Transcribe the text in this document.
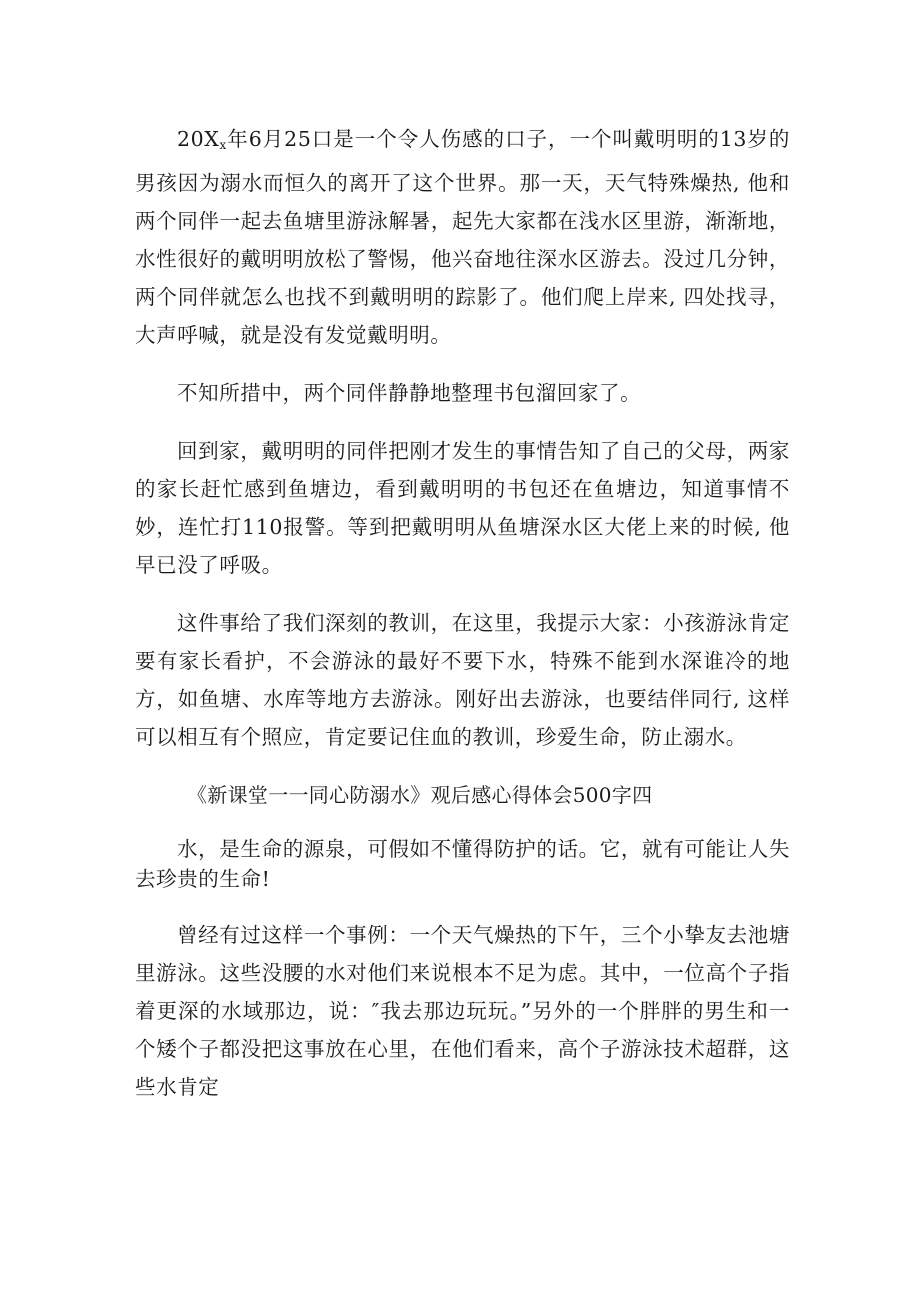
$20X_x$年6月25口是一个令人伤感的口子，一个叫戴明明的13岁的男孩因为溺水而恒久的离开了这个世界。那一天，天气特殊燥热, 他和两个同伴一起去鱼塘里游泳解暑，起先大家都在浅水区里游，渐渐地，水性很好的戴明明放松了警惕，他兴奋地往深水区游去。没过几分钟，两个同伴就怎么也找不到戴明明的踪影了。他们爬上岸来, 四处找寻，大声呼喊，就是没有发觉戴明明。

不知所措中，两个同伴静静地整理书包溜回家了。

回到家，戴明明的同伴把刚才发生的事情告知了自己的父母，两家的家长赶忙感到鱼塘边，看到戴明明的书包还在鱼塘边，知道事情不妙，连忙打110报警。等到把戴明明从鱼塘深水区大佬上来的时候, 他早已没了呼吸。

这件事给了我们深刻的教训，在这里，我提示大家：小孩游泳肯定要有家长看护，不会游泳的最好不要下水，特殊不能到水深谁冷的地方，如鱼塘、水库等地方去游泳。刚好出去游泳，也要结伴同行, 这样可以相互有个照应，肯定要记住血的教训，珍爱生命，防止溺水。

《新课堂一一同心防溺水》观后感心得体会500字四

水，是生命的源泉，可假如不懂得防护的话。它，就有可能让人失去珍贵的生命!

曾经有过这样一个事例：一个天气燥热的下午，三个小挚友去池塘里游泳。这些没腰的水对他们来说根本不足为虑。其中，一位高个子指着更深的水域那边，说：″我去那边玩玩。”另外的一个胖胖的男生和一个矮个子都没把这事放在心里，在他们看来，高个子游泳技术超群，这些水肯定
